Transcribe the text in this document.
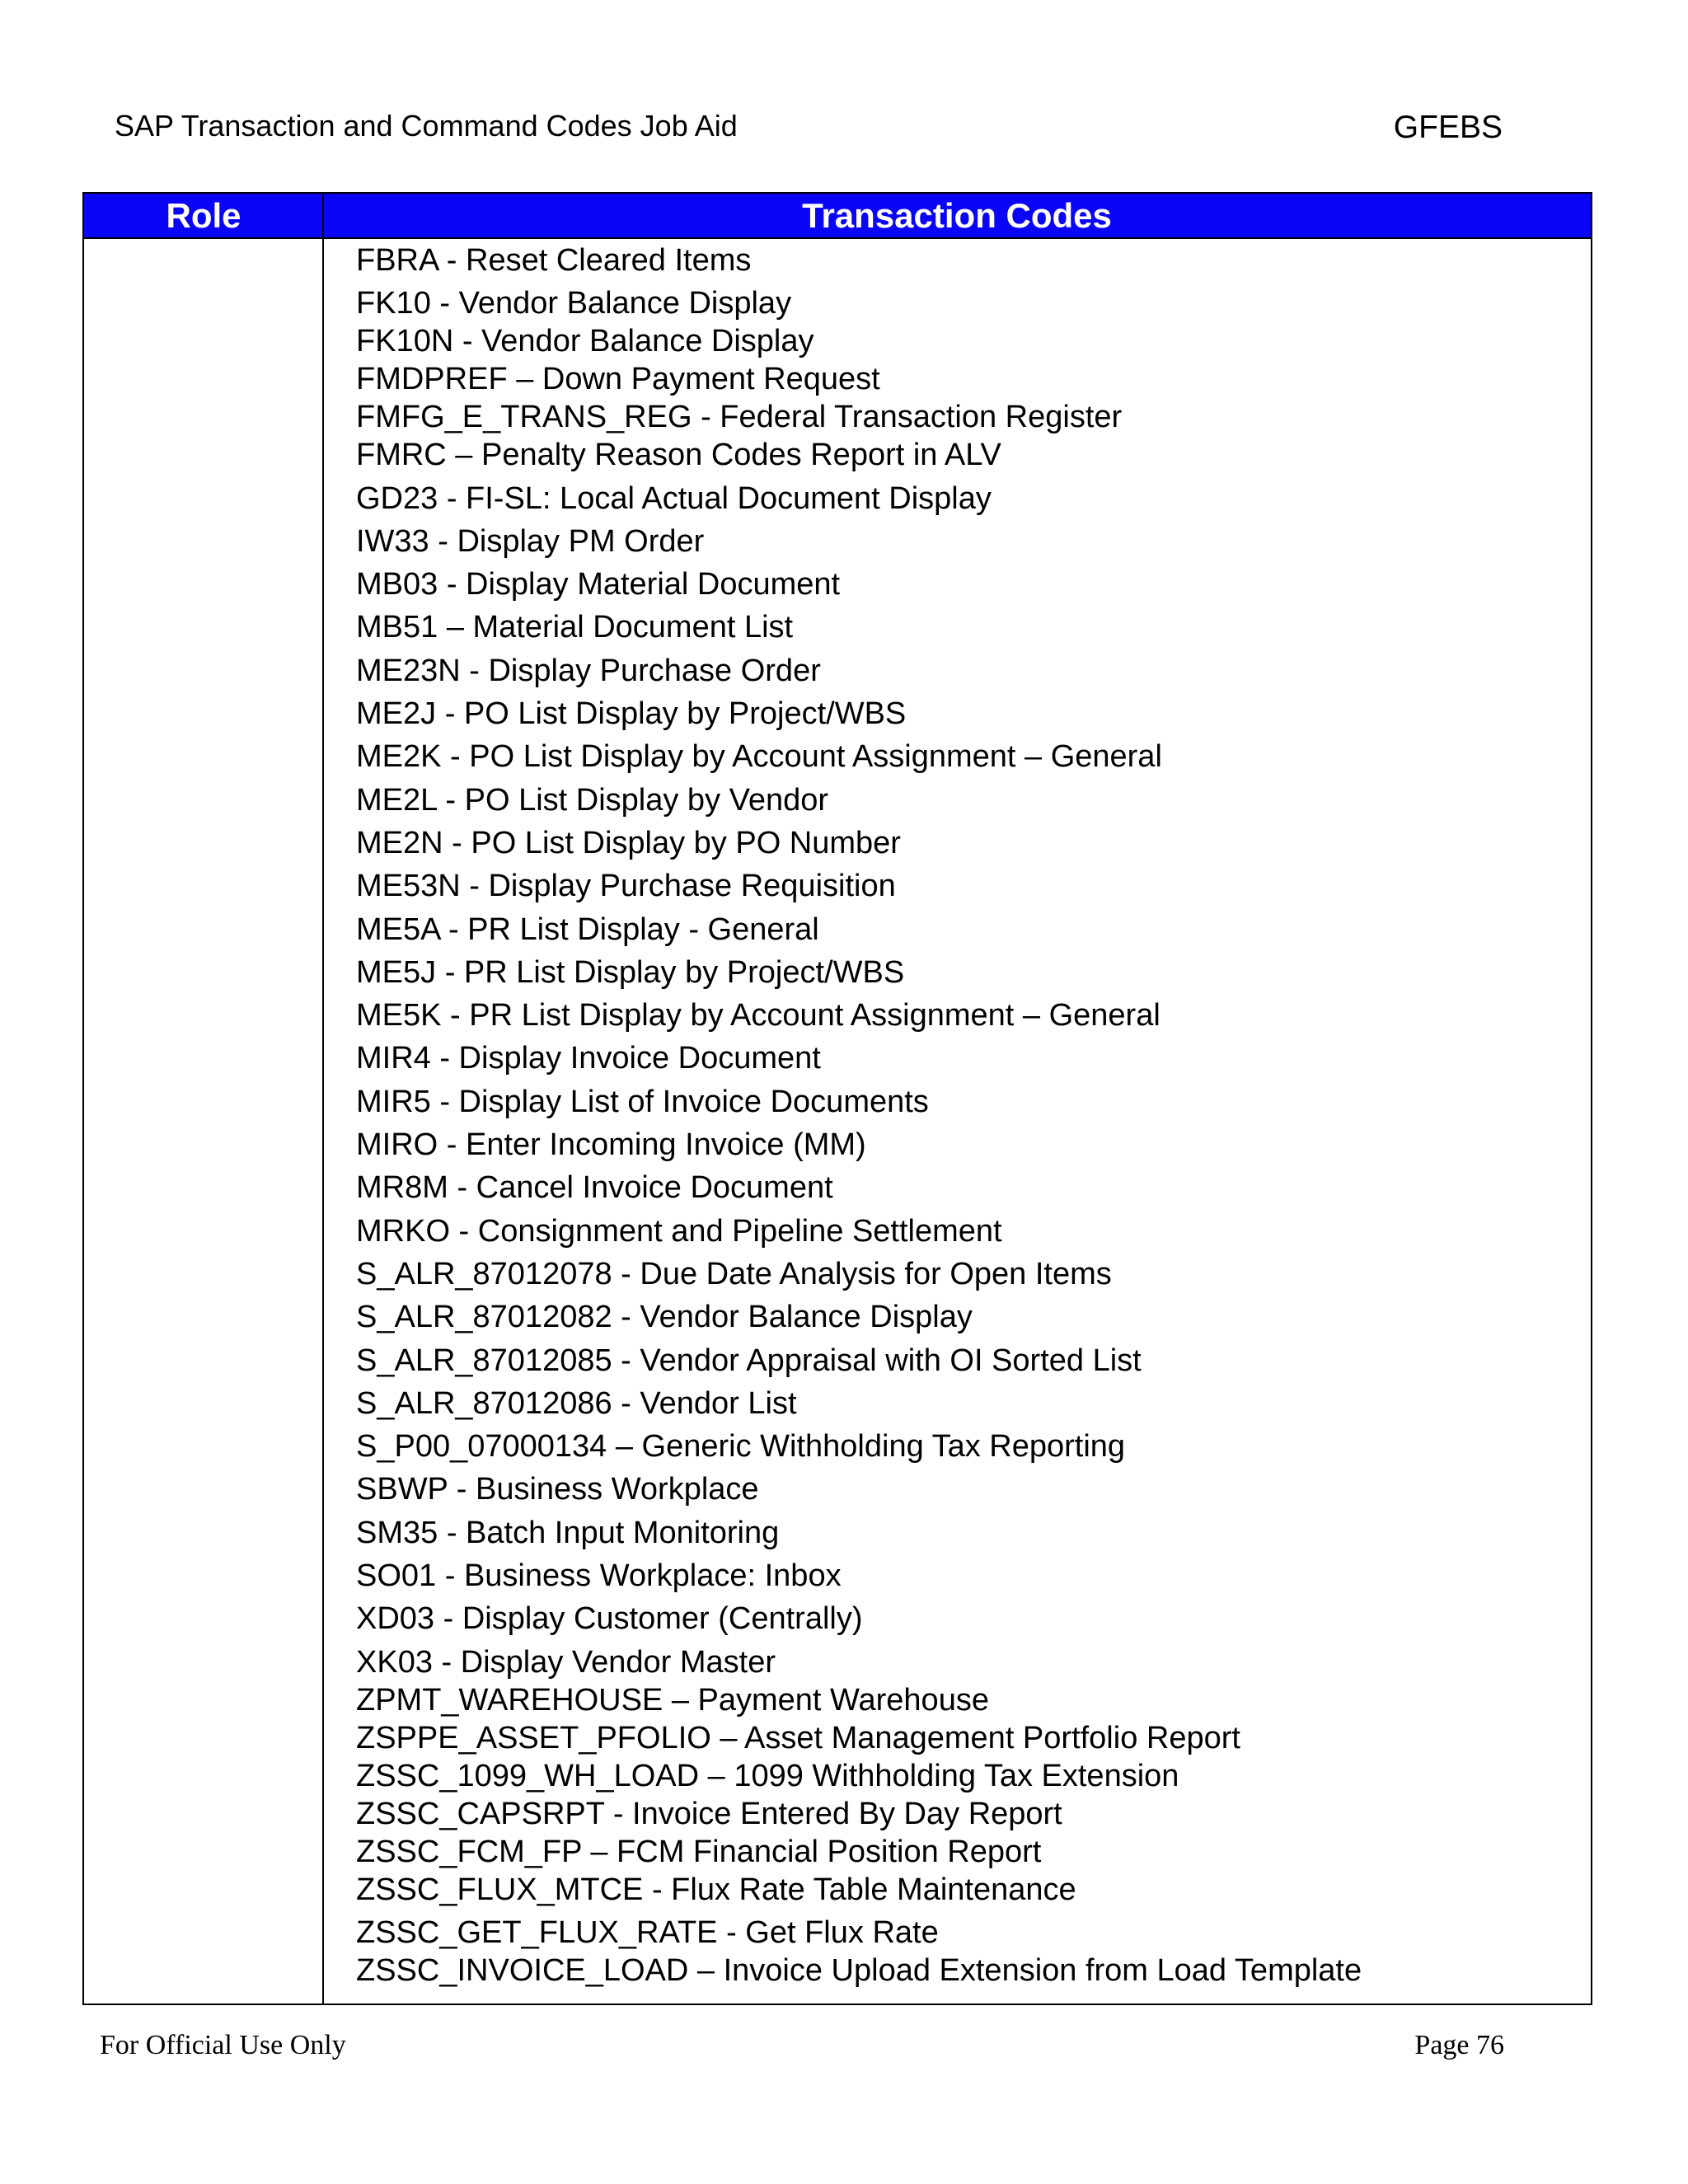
SAP Transaction and Command Codes Job Aid	GFEBS
Role	Transaction Codes
FBRA - Reset Cleared Items
FK10 - Vendor Balance Display
FK10N - Vendor Balance Display
FMDPREF – Down Payment Request
FMFG_E_TRANS_REG - Federal Transaction Register
FMRC – Penalty Reason Codes Report in ALV
GD23 - FI-SL: Local Actual Document Display
IW33 - Display PM Order
MB03 - Display Material Document
MB51 – Material Document List
ME23N - Display Purchase Order
ME2J - PO List Display by Project/WBS
ME2K - PO List Display by Account Assignment – General
ME2L - PO List Display by Vendor
ME2N - PO List Display by PO Number
ME53N - Display Purchase Requisition
ME5A - PR List Display - General
ME5J - PR List Display by Project/WBS
ME5K - PR List Display by Account Assignment – General
MIR4 - Display Invoice Document
MIR5 - Display List of Invoice Documents
MIRO - Enter Incoming Invoice (MM)
MR8M - Cancel Invoice Document
MRKO - Consignment and Pipeline Settlement
S_ALR_87012078 - Due Date Analysis for Open Items
S_ALR_87012082 - Vendor Balance Display
S_ALR_87012085 - Vendor Appraisal with OI Sorted List
S_ALR_87012086 - Vendor List
S_P00_07000134 – Generic Withholding Tax Reporting
SBWP - Business Workplace
SM35 - Batch Input Monitoring
SO01 - Business Workplace: Inbox
XD03 - Display Customer (Centrally)
XK03 - Display Vendor Master
ZPMT_WAREHOUSE – Payment Warehouse
ZSPPE_ASSET_PFOLIO – Asset Management Portfolio Report
ZSSC_1099_WH_LOAD – 1099 Withholding Tax Extension
ZSSC_CAPSRPT - Invoice Entered By Day Report
ZSSC_FCM_FP – FCM Financial Position Report
ZSSC_FLUX_MTCE - Flux Rate Table Maintenance
ZSSC_GET_FLUX_RATE - Get Flux Rate
ZSSC_INVOICE_LOAD – Invoice Upload Extension from Load Template
For Official Use Only	Page 76
